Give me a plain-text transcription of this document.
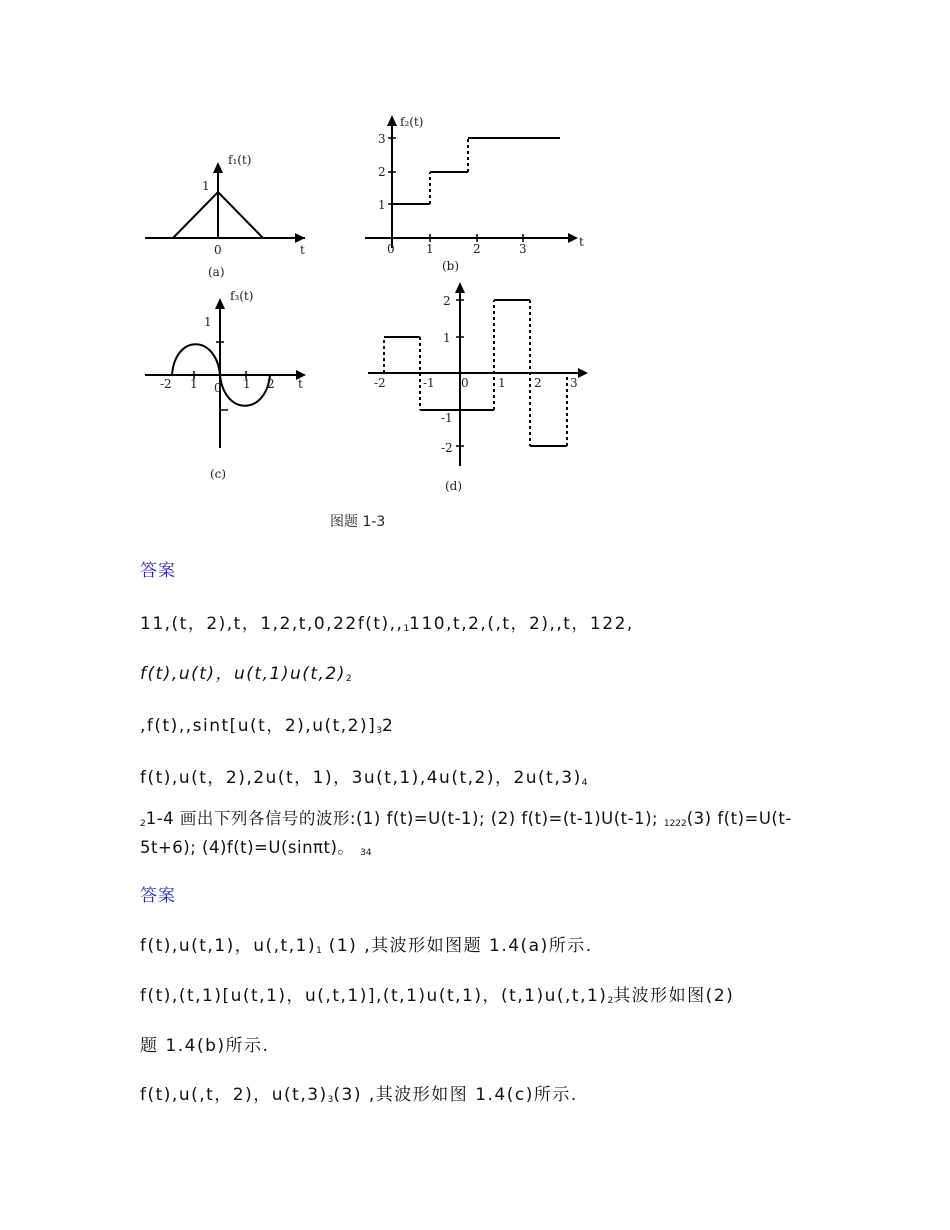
f₁(t)
1
0	t
(a)
f₂(t)
3
2
1
0	1	2	3	t
(b)
f₃(t)
1
-2 1 0 1 2 t
(c)
2
1
0
-1
-2
-2	-1	1 2 3
(d)
图题 1-3
答案
11,(t，2),t，$1,2,t,0,22f(t),,_1110,t,2,(,t$，2),,t，122,
f(t),u(t)，$u(t,1)u(t,2)_2$
,f(t),,sint[u(t，$2),u(t,2)]_32$
f(t),u(t，2),2u(t，1)，3u(t,1),4u(t,2)，$2u(t,3)_4$
$_2$1-4 画出下列各信号的波形:(1) f(t)=U(t-1); (2) f(t)=(t-1)U(t-1); $_{1222}$(3) f(t)=U(t-5t+6); (4)f(t)=U(sinπt)。 $_{34}$
答案
f(t),u(t,1)，$u(,t,1)_1$ (1) ,其波形如图题 1.4(a)所示.
f(t),(t,1)[u(t,1)，u(,t,1)],(t,1)u(t,1)，$(t,1)u(,t,1)_2$其波形如图(2)
题 1.4(b)所示.
f(t),u(,t，2)，$u(t,3)_3(3)$ ,其波形如图 1.4(c)所示.
